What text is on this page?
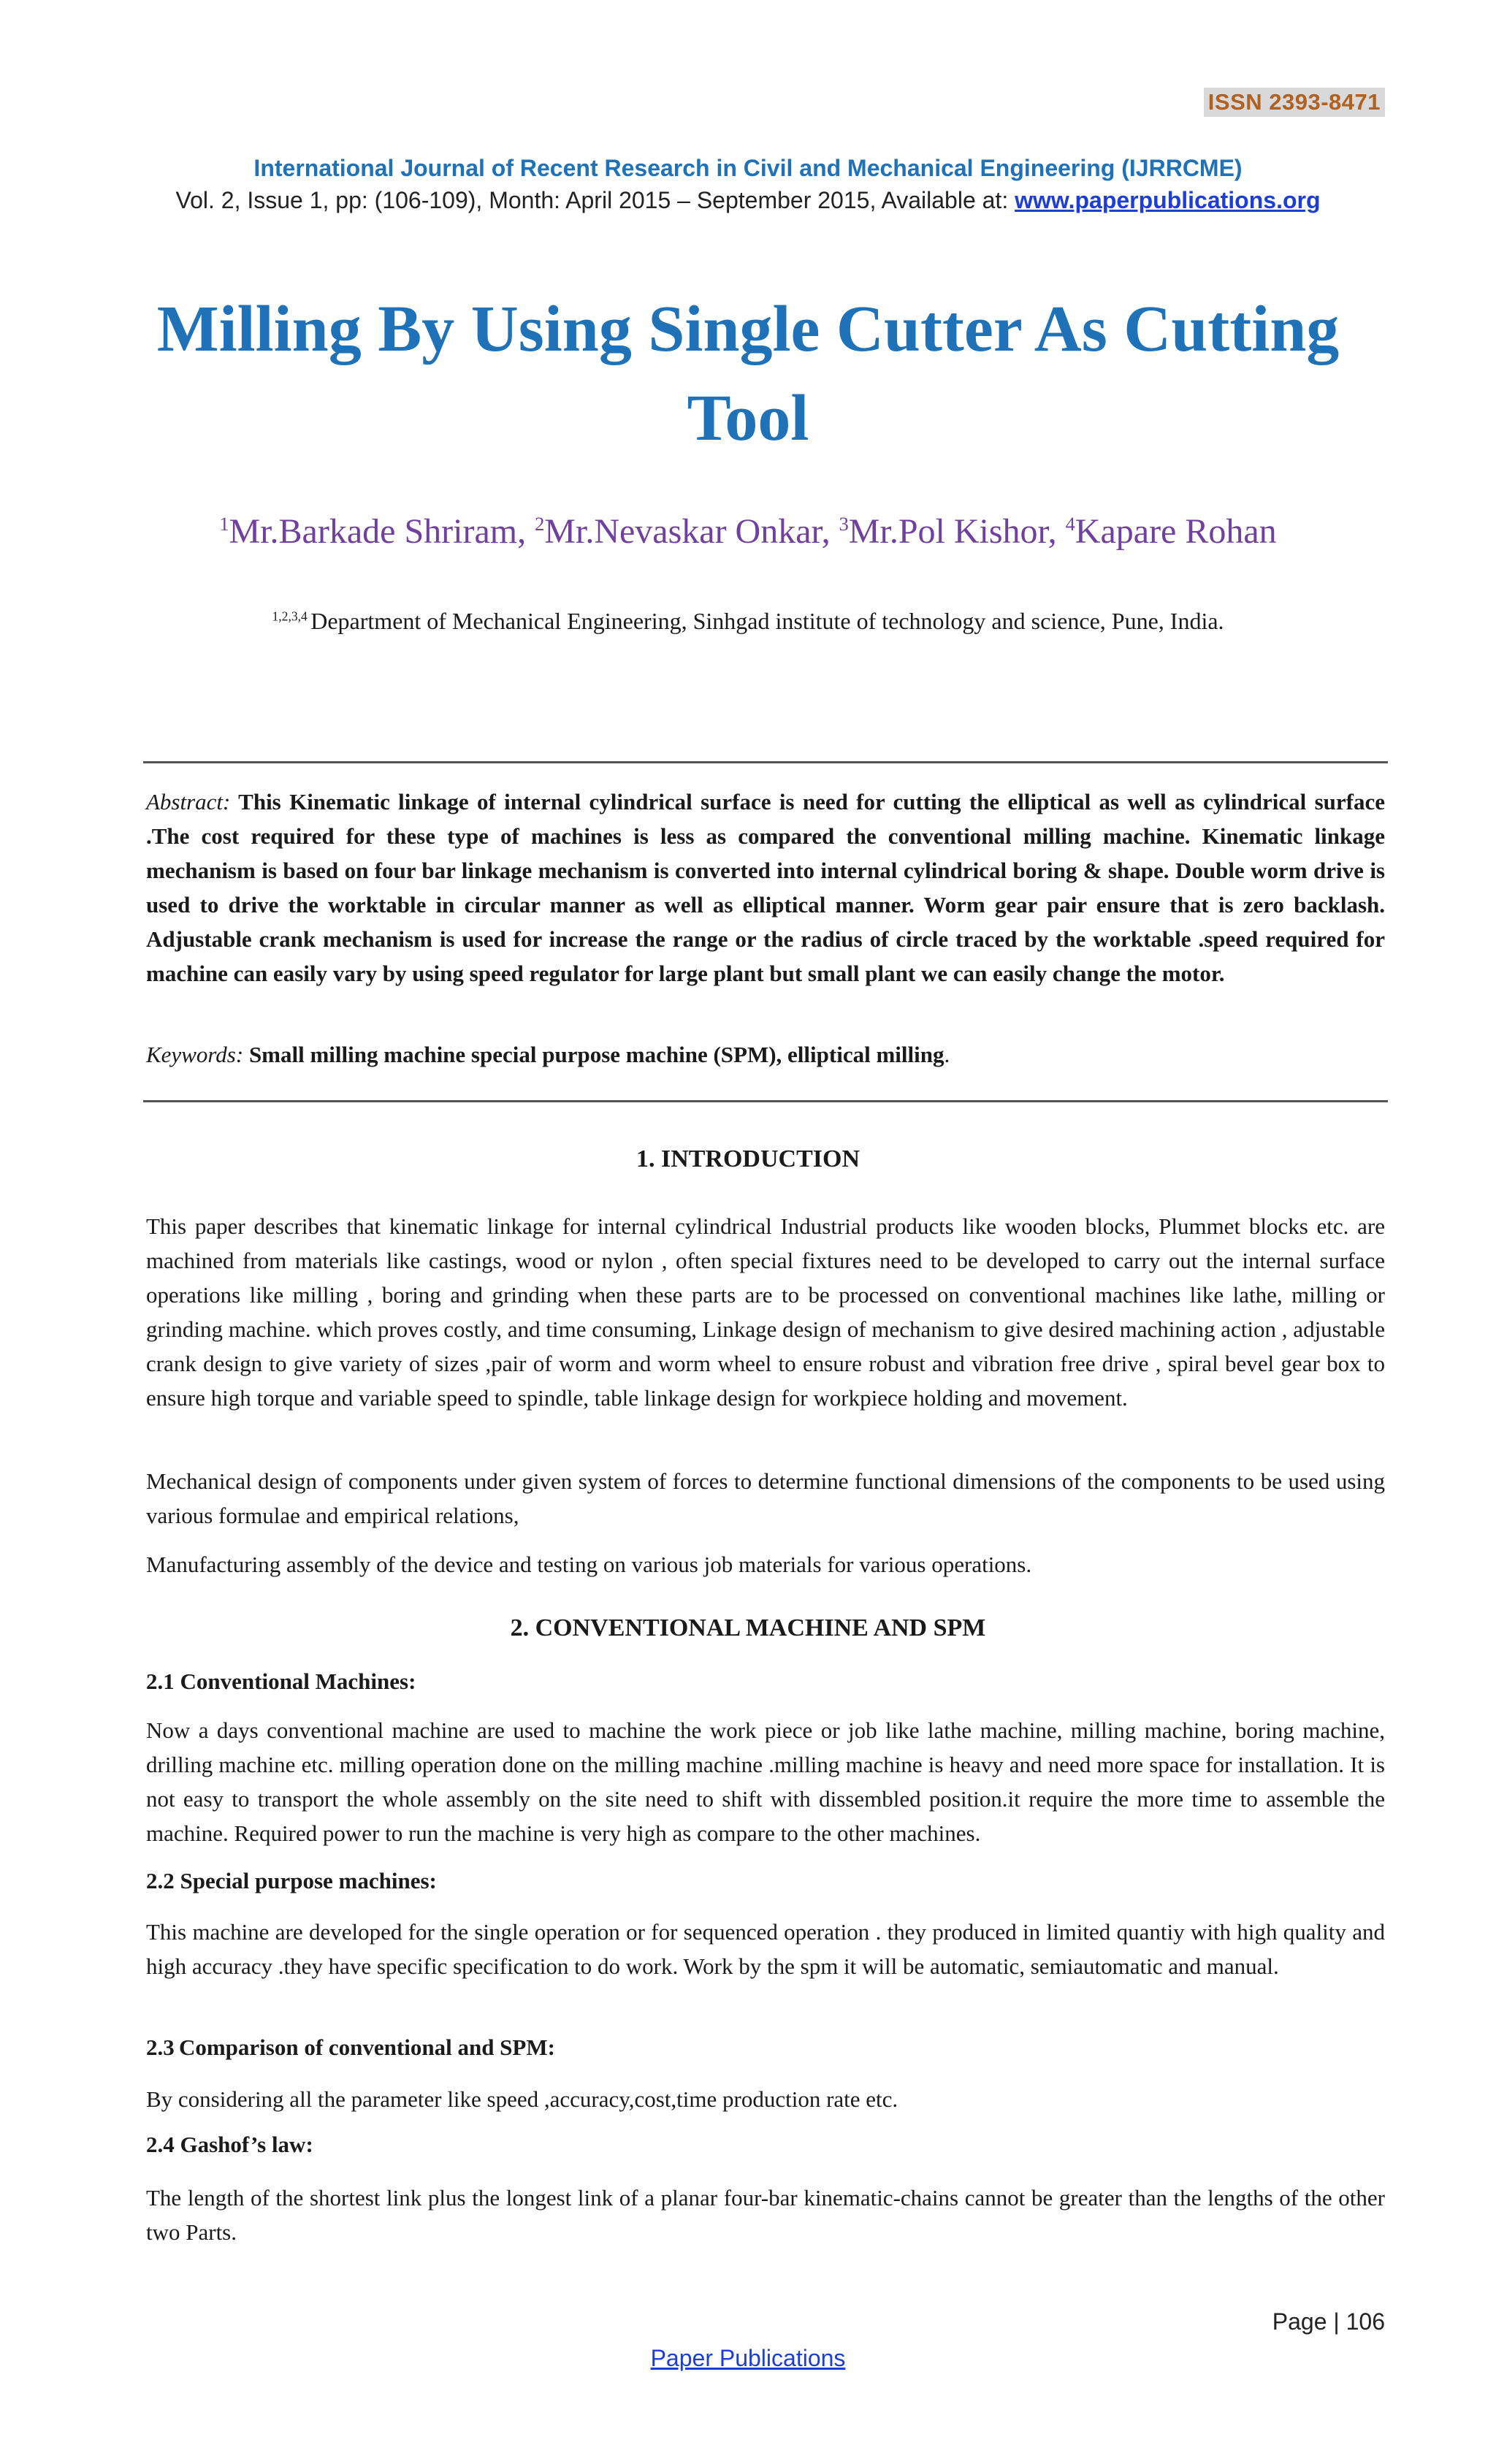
ISSN 2393-8471
International Journal of Recent Research in Civil and Mechanical Engineering (IJRRCME)
Vol. 2, Issue 1, pp: (106-109), Month: April 2015 – September 2015, Available at: www.paperpublications.org
Milling By Using Single Cutter As Cutting
Tool
$^1$Mr.Barkade Shriram, $^2$Mr.Nevaskar Onkar, $^3$Mr.Pol Kishor, $^4$Kapare Rohan
$^{1,2,3,4}$ Department of Mechanical Engineering, Sinhgad institute of technology and science, Pune, India.
Abstract: This Kinematic linkage of internal cylindrical surface is need for cutting the elliptical as well as cylindrical surface .The cost required for these type of machines is less as compared the conventional milling machine. Kinematic linkage mechanism is based on four bar linkage mechanism is converted into internal cylindrical boring & shape. Double worm drive is used to drive the worktable in circular manner as well as elliptical manner. Worm gear pair ensure that is zero backlash. Adjustable crank mechanism is used for increase the range or the radius of circle traced by the worktable .speed required for machine can easily vary by using speed regulator for large plant but small plant we can easily change the motor.
Keywords: Small milling machine special purpose machine (SPM), elliptical milling.
1. INTRODUCTION
This paper describes that kinematic linkage for internal cylindrical Industrial products like wooden blocks, Plummet blocks etc. are machined from materials like castings, wood or nylon , often special fixtures need to be developed to carry out the internal surface operations like milling , boring and grinding when these parts are to be processed on conventional machines like lathe, milling or grinding machine. which proves costly, and time consuming, Linkage design of mechanism to give desired machining action , adjustable crank design to give variety of sizes ,pair of worm and worm wheel to ensure robust and vibration free drive , spiral bevel gear box to ensure high torque and variable speed to spindle, table linkage design for workpiece holding and movement.
Mechanical design of components under given system of forces to determine functional dimensions of the components to be used using various formulae and empirical relations,
Manufacturing assembly of the device and testing on various job materials for various operations.
2. CONVENTIONAL MACHINE AND SPM
2.1 Conventional Machines:
Now a days conventional machine are used to machine the work piece or job like lathe machine, milling machine, boring machine, drilling machine etc. milling operation done on the milling machine .milling machine is heavy and need more space for installation. It is not easy to transport the whole assembly on the site need to shift with dissembled position.it require the more time to assemble the machine. Required power to run the machine is very high as compare to the other machines.
2.2 Special purpose machines:
This machine are developed for the single operation or for sequenced operation . they produced in limited quantiy with high quality and high accuracy .they have specific specification to do work. Work by the spm it will be automatic, semiautomatic and manual.
2.3 Comparison of conventional and SPM:
By considering all the parameter like speed ,accuracy,cost,time production rate etc.
2.4 Gashof’s law:
The length of the shortest link plus the longest link of a planar four-bar kinematic-chains cannot be greater than the lengths of the other two Parts.
Page | 106
Paper Publications
